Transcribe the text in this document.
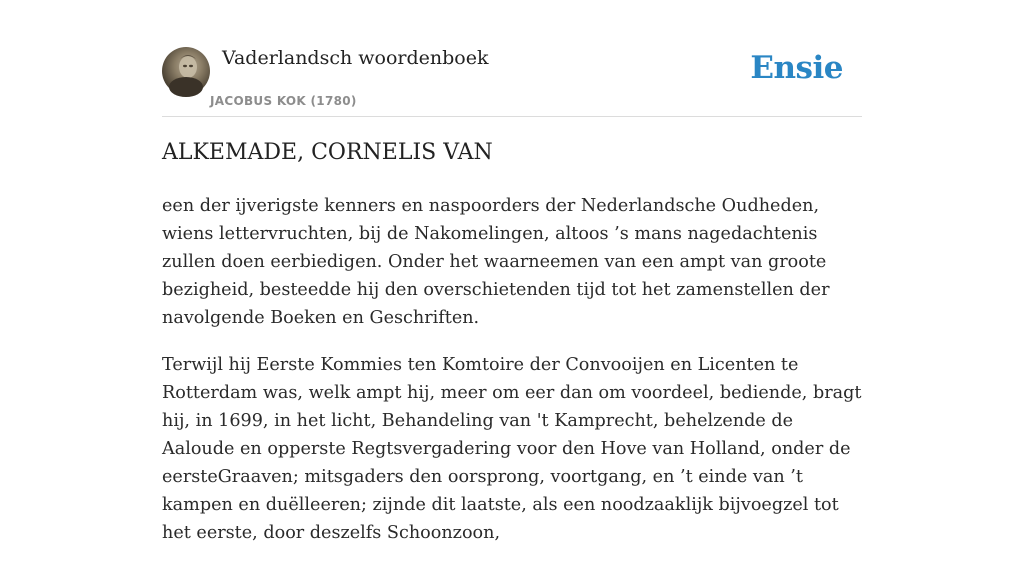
Vaderlandsch woordenboek
JACOBUS KOK (1780)
Ensie
ALKEMADE, CORNELIS VAN

een der ijverigste kenners en naspoorders der Nederlandsche Oudheden, wiens lettervruchten, bij de Nakomelingen, altoos ’s mans nagedachtenis zullen doen eerbiedigen. Onder het waarneemen van een ampt van groote bezigheid, besteedde hij den overschietenden tijd tot het zamenstellen der navolgende Boeken en Geschriften.

Terwijl hij Eerste Kommies ten Komtoire der Convooijen en Licenten te Rotterdam was, welk ampt hij, meer om eer dan om voordeel, bediende, bragt hij, in 1699, in het licht, Behandeling van 't Kamprecht, behelzende de Aaloude en opperste Regtsvergadering voor den Hove van Holland, onder de eersteGraaven; mitsgaders den oorsprong, voortgang, en ’t einde van ’t kampen en duëlleeren; zijnde dit laatste, als een noodzaaklijk bijvoegzel tot het eerste, door deszelfs Schoonzoon,
